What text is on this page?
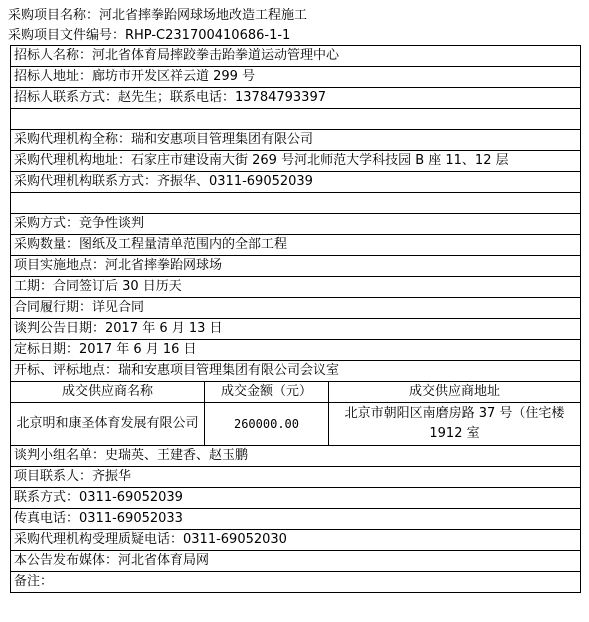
采购项目名称：河北省摔拳跆网球场地改造工程施工
采购项目文件编号：RHP-C231700410686-1-1
招标人名称：河北省体育局摔跤拳击跆拳道运动管理中心		
招标人地址：廊坊市开发区祥云道 299 号		
招标人联系方式：赵先生；联系电话：13784793397		

采购代理机构全称：瑞和安惠项目管理集团有限公司		
采购代理机构地址：石家庄市建设南大街 269 号河北师范大学科技园 B 座 11、12 层		
采购代理机构联系方式：齐振华、0311-69052039		

采购方式：竞争性谈判		
采购数量：图纸及工程量清单范围内的全部工程		
项目实施地点：河北省摔拳跆网球场		
工期：合同签订后 30 日历天		
合同履行期：详见合同		
谈判公告日期：2017 年 6 月 13 日		
定标日期：2017 年 6 月 16 日		
开标、评标地点：瑞和安惠项目管理集团有限公司会议室		
成交供应商名称	成交金额（元）	成交供应商地址
北京明和康圣体育发展有限公司	260000.00	北京市朝阳区南磨房路 37 号（住宅楼 1912 室
谈判小组名单：史瑞英、王建香、赵玉鹏		
项目联系人：齐振华		
联系方式：0311-69052039		
传真电话：0311-69052033		
采购代理机构受理质疑电话：0311-69052030		
本公告发布媒体：河北省体育局网		
备注：		
